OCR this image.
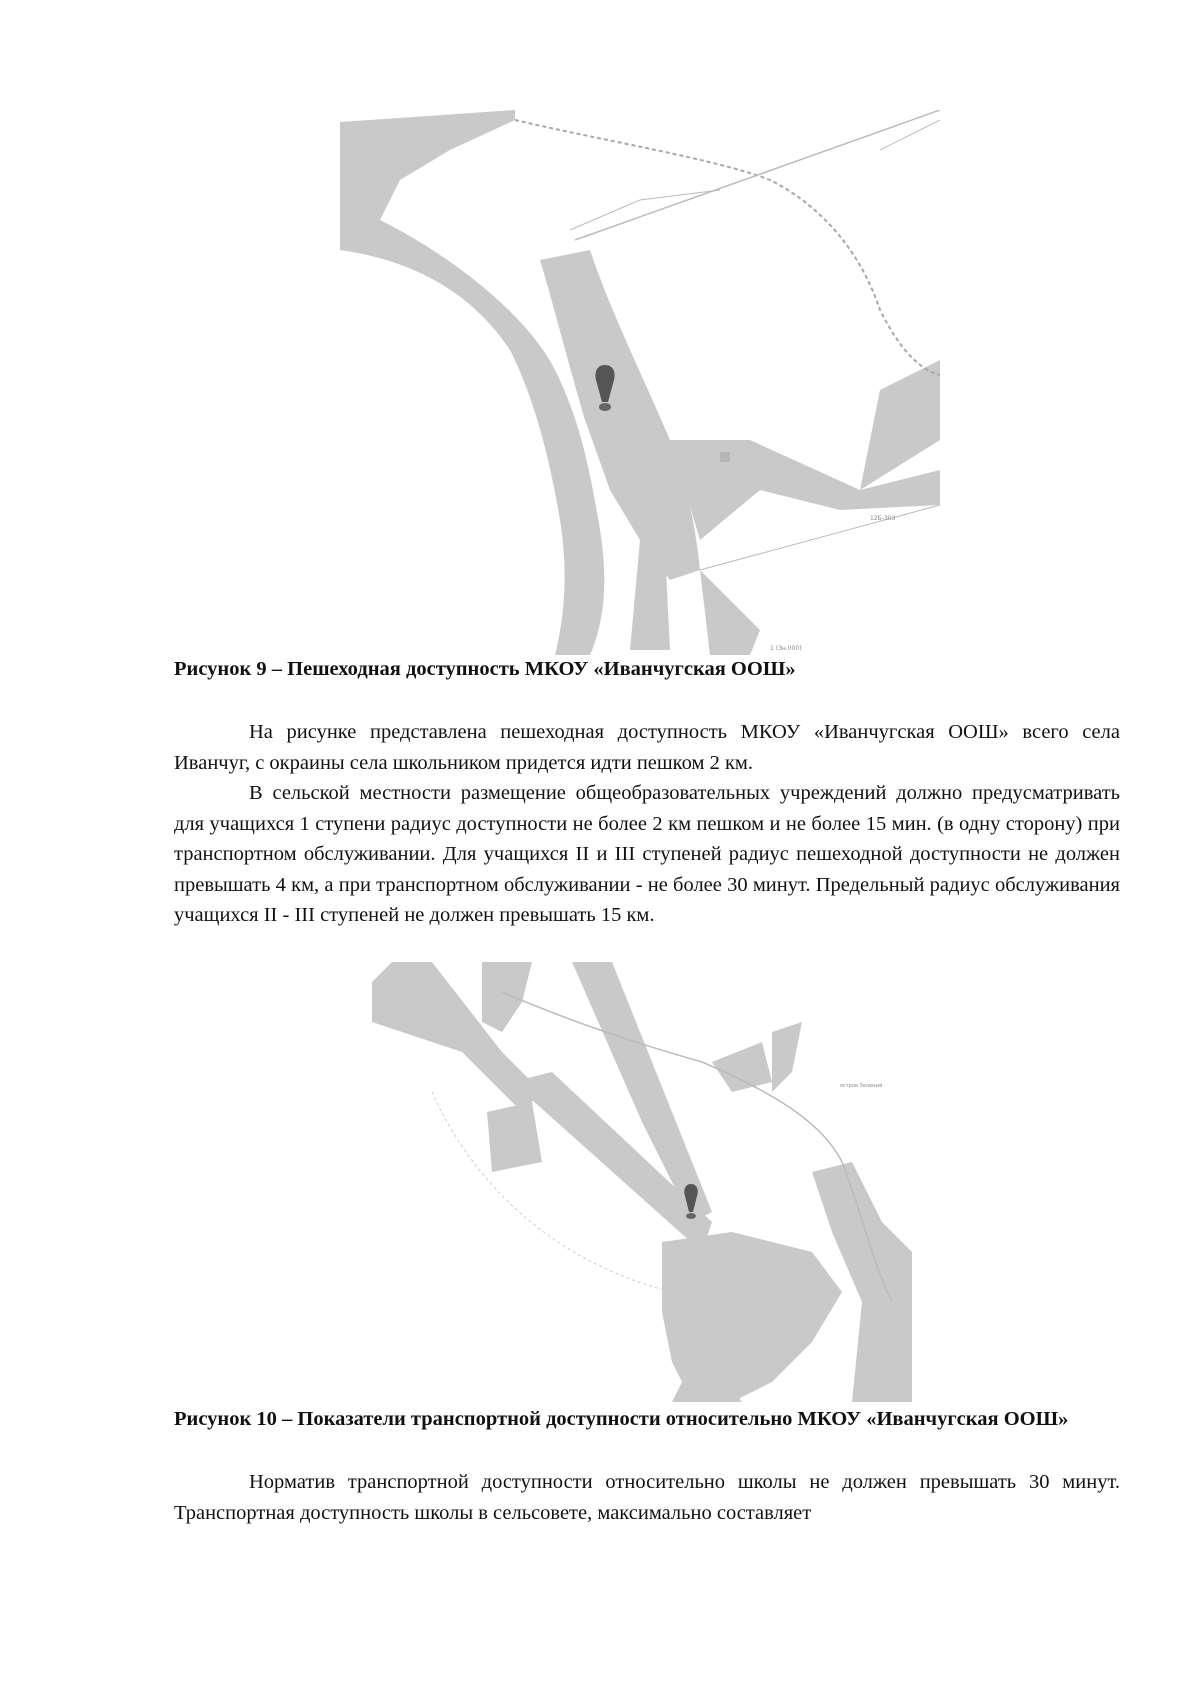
12Б-З03
1 (Зн.000)

Рисунок 9 – Пешеходная доступность МКОУ «Иванчугская ООШ»

На рисунке представлена пешеходная доступность МКОУ «Иванчугская ООШ» всего села Иванчуг, с окраины села школьником придется идти пешком 2 км.

В сельской местности размещение общеобразовательных учреждений должно предусматривать для учащихся 1 ступени радиус доступности не более 2 км пешком и не более 15 мин. (в одну сторону) при транспортном обслуживании. Для учащихся II и III ступеней радиус пешеходной доступности не должен превышать 4 км, а при транспортном обслуживании - не более 30 минут. Предельный радиус обслуживания учащихся II - III ступеней не должен превышать 15 км.

остров Зеленый

Рисунок 10 – Показатели транспортной доступности относительно МКОУ «Иванчугская ООШ»

Норматив транспортной доступности относительно школы не должен превышать 30 минут. Транспортная доступность школы в сельсовете, максимально составляет
